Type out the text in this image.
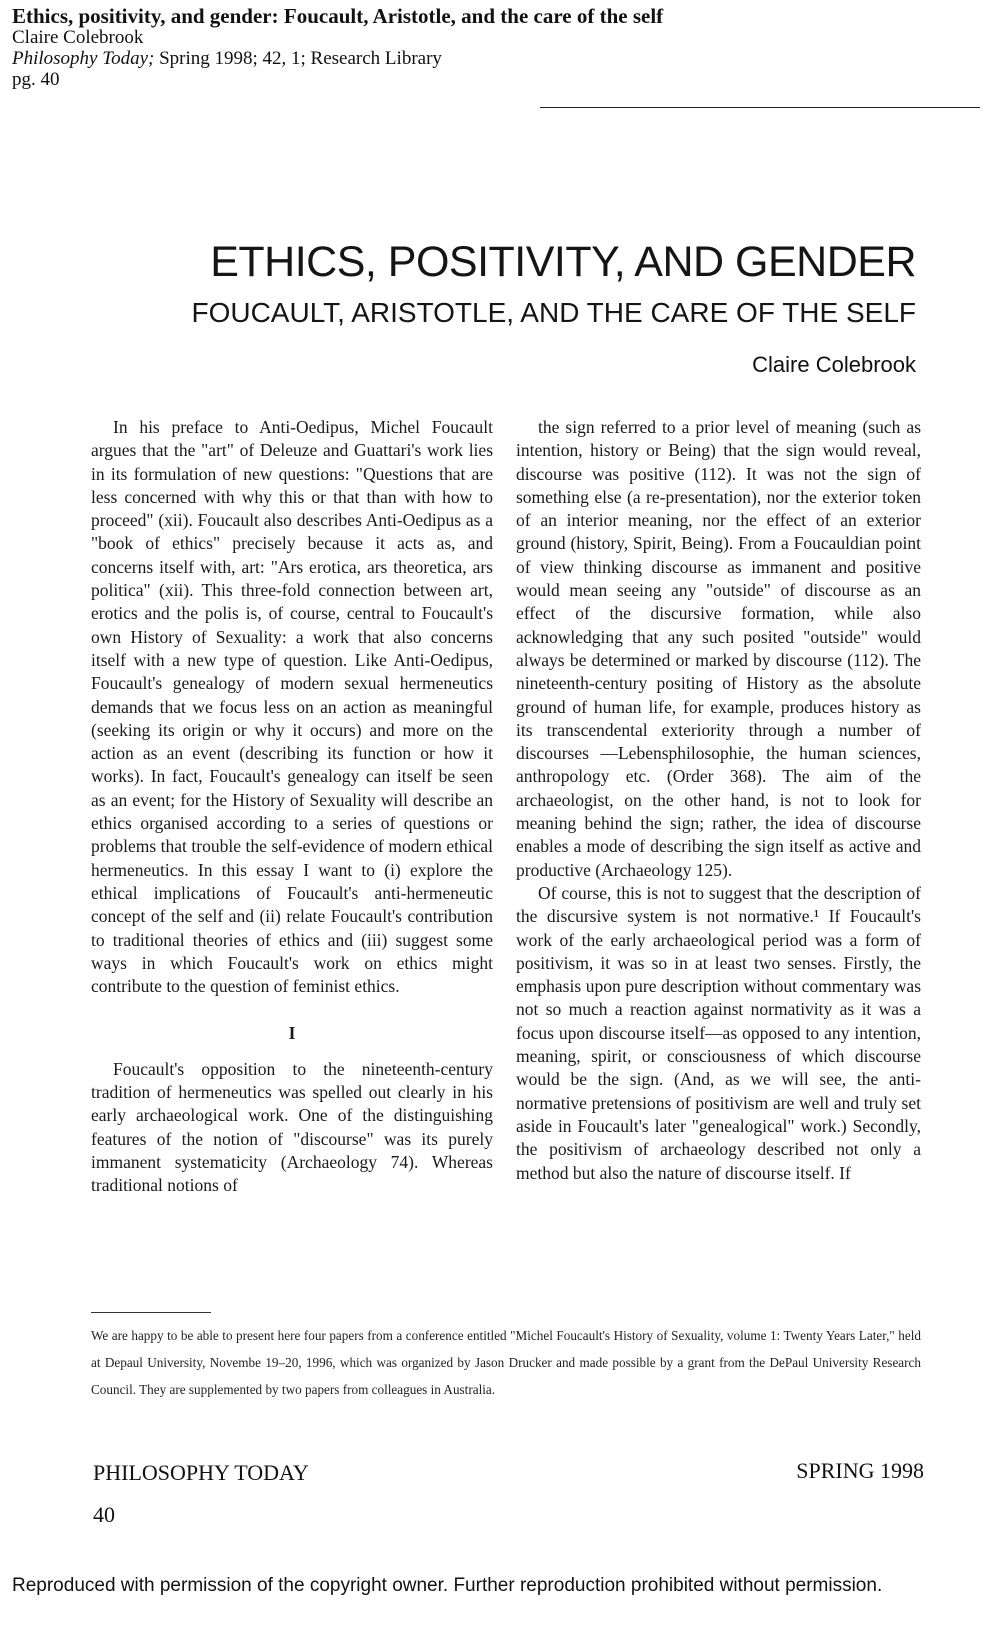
Ethics, positivity, and gender: Foucault, Aristotle, and the care of the self
Claire Colebrook
Philosophy Today; Spring 1998; 42, 1; Research Library
pg. 40
ETHICS, POSITIVITY, AND GENDER
FOUCAULT, ARISTOTLE, AND THE CARE OF THE SELF
Claire Colebrook

In his preface to Anti-Oedipus, Michel Foucault argues that the "art" of Deleuze and Guattari's work lies in its formulation of new questions: "Questions that are less concerned with why this or that than with how to proceed" (xii). Foucault also describes Anti-Oedipus as a "book of ethics" precisely because it acts as, and concerns itself with, art: "Ars erotica, ars theoretica, ars politica" (xii). This three-fold connection between art, erotics and the polis is, of course, central to Foucault's own History of Sexuality: a work that also concerns itself with a new type of question. Like Anti-Oedipus, Foucault's genealogy of modern sexual hermeneutics demands that we focus less on an action as meaningful (seeking its origin or why it occurs) and more on the action as an event (describing its function or how it works). In fact, Foucault's genealogy can itself be seen as an event; for the History of Sexuality will describe an ethics organised according to a series of questions or problems that trouble the self-evidence of modern ethical hermeneutics. In this essay I want to (i) explore the ethical implications of Foucault's anti-hermeneutic concept of the self and (ii) relate Foucault's contribution to traditional theories of ethics and (iii) suggest some ways in which Foucault's work on ethics might contribute to the question of feminist ethics.

I

Foucault's opposition to the nineteenth-century tradition of hermeneutics was spelled out clearly in his early archaeological work. One of the distinguishing features of the notion of "discourse" was its purely immanent systematicity (Archaeology 74). Whereas traditional notions of

the sign referred to a prior level of meaning (such as intention, history or Being) that the sign would reveal, discourse was positive (112). It was not the sign of something else (a re-presentation), nor the exterior token of an interior meaning, nor the effect of an exterior ground (history, Spirit, Being). From a Foucauldian point of view thinking discourse as immanent and positive would mean seeing any "outside" of discourse as an effect of the discursive formation, while also acknowledging that any such posited "outside" would always be determined or marked by discourse (112). The nineteenth-century positing of History as the absolute ground of human life, for example, produces history as its transcendental exteriority through a number of discourses —Lebensphilosophie, the human sciences, anthropology etc. (Order 368). The aim of the archaeologist, on the other hand, is not to look for meaning behind the sign; rather, the idea of discourse enables a mode of describing the sign itself as active and productive (Archaeology 125).

Of course, this is not to suggest that the description of the discursive system is not normative.¹ If Foucault's work of the early archaeological period was a form of positivism, it was so in at least two senses. Firstly, the emphasis upon pure description without commentary was not so much a reaction against normativity as it was a focus upon discourse itself—as opposed to any intention, meaning, spirit, or consciousness of which discourse would be the sign. (And, as we will see, the anti-normative pretensions of positivism are well and truly set aside in Foucault's later "genealogical" work.) Secondly, the positivism of archaeology described not only a method but also the nature of discourse itself. If

We are happy to be able to present here four papers from a conference entitled "Michel Foucault's History of Sexuality, volume 1: Twenty Years Later," held at Depaul University, Novembe 19–20, 1996, which was organized by Jason Drucker and made possible by a grant from the DePaul University Research Council. They are supplemented by two papers from colleagues in Australia.
PHILOSOPHY TODAY	SPRING 1998
40
Reproduced with permission of the copyright owner. Further reproduction prohibited without permission.
